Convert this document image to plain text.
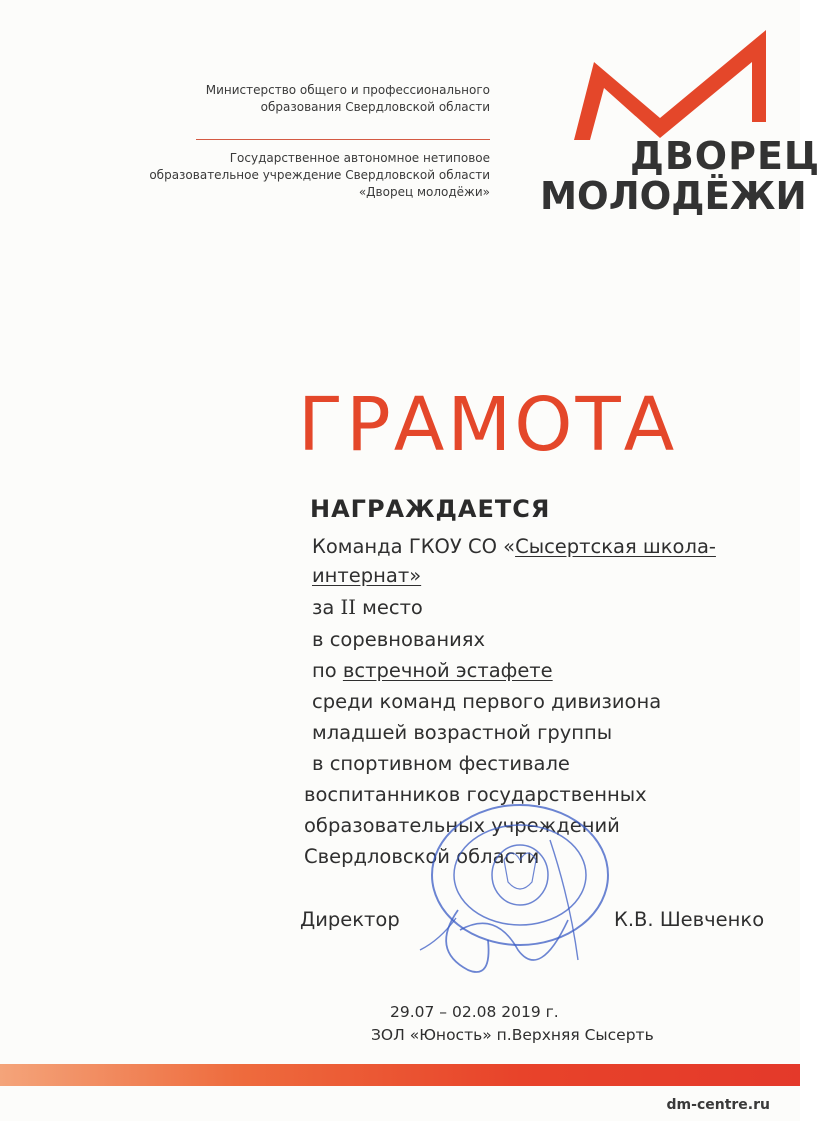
Министерство общего и профессионального
образования Свердловской области
Государственное автономное нетиповое
образовательное учреждение Свердловской области
«Дворец молодёжи»
ДВОРЕЦ
МОЛОДЁЖИ
ГРАМОТА
НАГРАЖДАЕТСЯ
Команда ГКОУ СО «Сысертская школа-
интернат»
за II место
в соревнованиях
по встречной эстафете
среди команд первого дивизиона
младшей возрастной группы
в спортивном фестивале
воспитанников государственных
образовательных учреждений
Свердловской области
Директор	К.В. Шевченко
29.07 – 02.08 2019 г.
ЗОЛ «Юность» п.Верхняя Сысерть
dm-centre.ru
